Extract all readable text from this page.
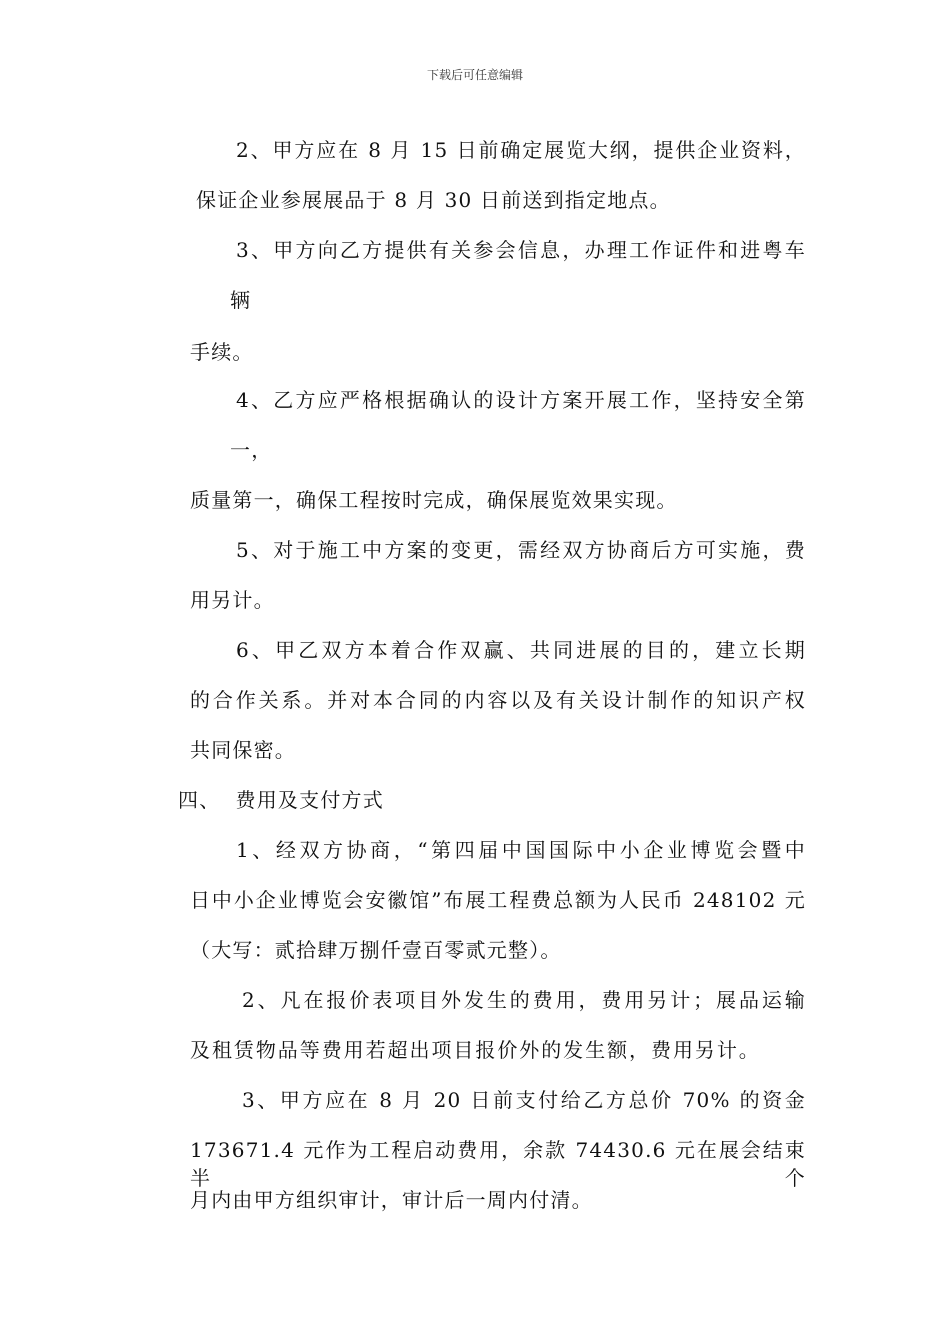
下载后可任意编辑

2、甲方应在 8 月 15 日前确定展览大纲，提供企业资料，

保证企业参展展品于 8 月 30 日前送到指定地点。

3、甲方向乙方提供有关参会信息，办理工作证件和进粤车

辆

手续。

4、乙方应严格根据确认的设计方案开展工作，坚持安全第

一，

质量第一，确保工程按时完成，确保展览效果实现。

5、对于施工中方案的变更，需经双方协商后方可实施，费

用另计。

6、甲乙双方本着合作双赢、共同进展的目的，建立长期

的合作关系。并对本合同的内容以及有关设计制作的知识产权

共同保密。

四、  费用及支付方式

1、经双方协商，“第四届中国国际中小企业博览会暨中

日中小企业博览会安徽馆”布展工程费总额为人民币 248102 元

（大写：贰拾肆万捌仟壹百零贰元整）。

2、凡在报价表项目外发生的费用，费用另计；展品运输

及租赁物品等费用若超出项目报价外的发生额，费用另计。

3、甲方应在 8 月 20 日前支付给乙方总价 70% 的资金

173671.4 元作为工程启动费用，余款 74430.6 元在展会结束半个

月内由甲方组织审计，审计后一周内付清。
